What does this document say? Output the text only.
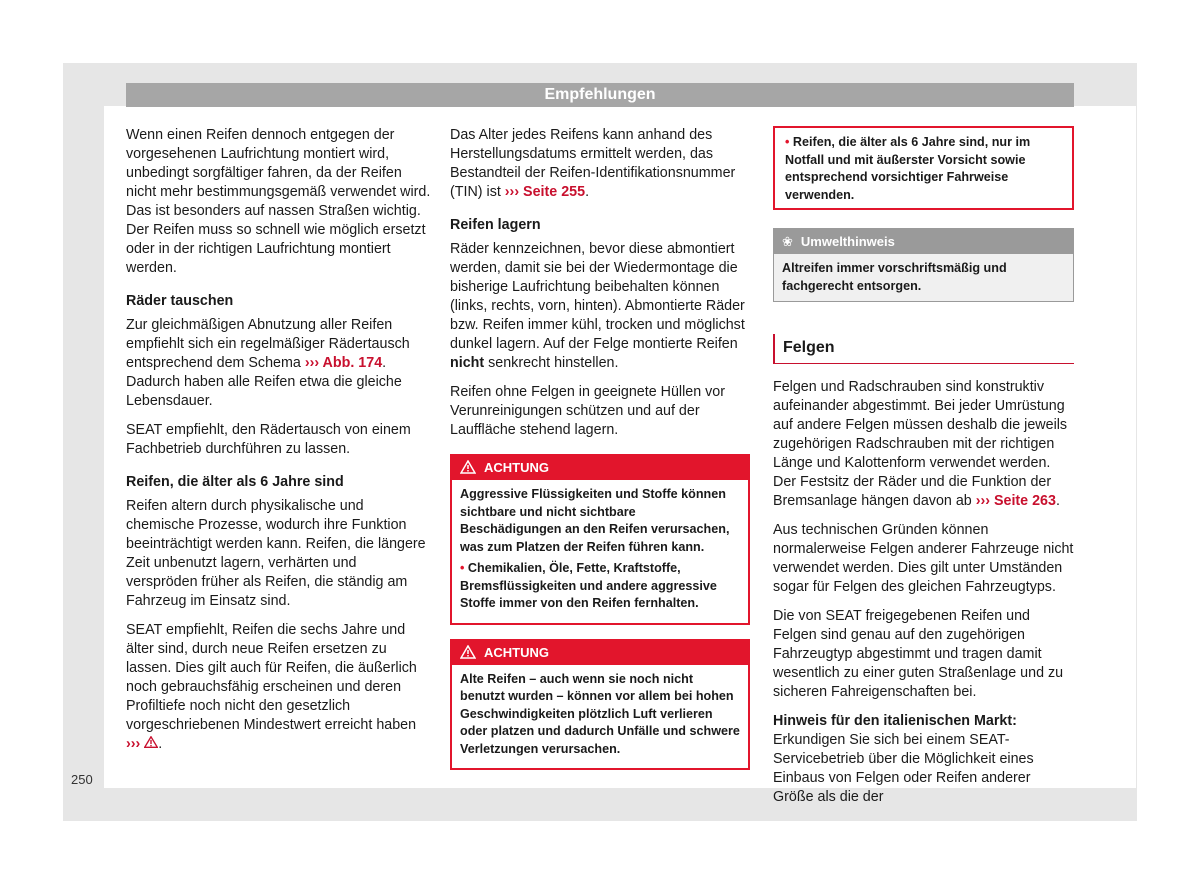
Empfehlungen

Wenn einen Reifen dennoch entgegen der vorgesehenen Laufrichtung montiert wird, unbedingt sorgfältiger fahren, da der Reifen nicht mehr bestimmungsgemäß verwendet wird. Das ist besonders auf nassen Straßen wichtig. Der Reifen muss so schnell wie möglich ersetzt oder in der richtigen Laufrichtung montiert werden.

Räder tauschen

Zur gleichmäßigen Abnutzung aller Reifen empfiehlt sich ein regelmäßiger Rädertausch entsprechend dem Schema ››› Abb. 174. Dadurch haben alle Reifen etwa die gleiche Lebensdauer.

SEAT empfiehlt, den Rädertausch von einem Fachbetrieb durchführen zu lassen.

Reifen, die älter als 6 Jahre sind

Reifen altern durch physikalische und chemische Prozesse, wodurch ihre Funktion beeinträchtigt werden kann. Reifen, die längere Zeit unbenutzt lagern, verhärten und verspröden früher als Reifen, die ständig am Fahrzeug im Einsatz sind.

SEAT empfiehlt, Reifen die sechs Jahre und älter sind, durch neue Reifen ersetzen zu lassen. Dies gilt auch für Reifen, die äußerlich noch gebrauchsfähig erscheinen und deren Profiltiefe noch nicht den gesetzlich vorgeschriebenen Mindestwert erreicht haben ››› .

Das Alter jedes Reifens kann anhand des Herstellungsdatums ermittelt werden, das Bestandteil der Reifen-Identifikationsnummer (TIN) ist ››› Seite 255.

Reifen lagern

Räder kennzeichnen, bevor diese abmontiert werden, damit sie bei der Wiedermontage die bisherige Laufrichtung beibehalten können (links, rechts, vorn, hinten). Abmontierte Räder bzw. Reifen immer kühl, trocken und möglichst dunkel lagern. Auf der Felge montierte Reifen nicht senkrecht hinstellen.

Reifen ohne Felgen in geeignete Hüllen vor Verunreinigungen schützen und auf der Lauffläche stehend lagern.

ACHTUNG

Aggressive Flüssigkeiten und Stoffe können sichtbare und nicht sichtbare Beschädigungen an den Reifen verursachen, was zum Platzen der Reifen führen kann.

• Chemikalien, Öle, Fette, Kraftstoffe, Bremsflüssigkeiten und andere aggressive Stoffe immer von den Reifen fernhalten.

ACHTUNG

Alte Reifen – auch wenn sie noch nicht benutzt wurden – können vor allem bei hohen Geschwindigkeiten plötzlich Luft verlieren oder platzen und dadurch Unfälle und schwere Verletzungen verursachen.

• Reifen, die älter als 6 Jahre sind, nur im Notfall und mit äußerster Vorsicht sowie entsprechend vorsichtiger Fahrweise verwenden.
❀ Umwelthinweis
Altreifen immer vorschriftsmäßig und fachgerecht entsorgen.
Felgen

Felgen und Radschrauben sind konstruktiv aufeinander abgestimmt. Bei jeder Umrüstung auf andere Felgen müssen deshalb die jeweils zugehörigen Radschrauben mit der richtigen Länge und Kalottenform verwendet werden. Der Festsitz der Räder und die Funktion der Bremsanlage hängen davon ab ››› Seite 263.

Aus technischen Gründen können normalerweise Felgen anderer Fahrzeuge nicht verwendet werden. Dies gilt unter Umständen sogar für Felgen des gleichen Fahrzeugtyps.

Die von SEAT freigegebenen Reifen und Felgen sind genau auf den zugehörigen Fahrzeugtyp abgestimmt und tragen damit wesentlich zu einer guten Straßenlage und zu sicheren Fahreigenschaften bei.

Hinweis für den italienischen Markt: Erkundigen Sie sich bei einem SEAT-Servicebetrieb über die Möglichkeit eines Einbaus von Felgen oder Reifen anderer Größe als die der

250
